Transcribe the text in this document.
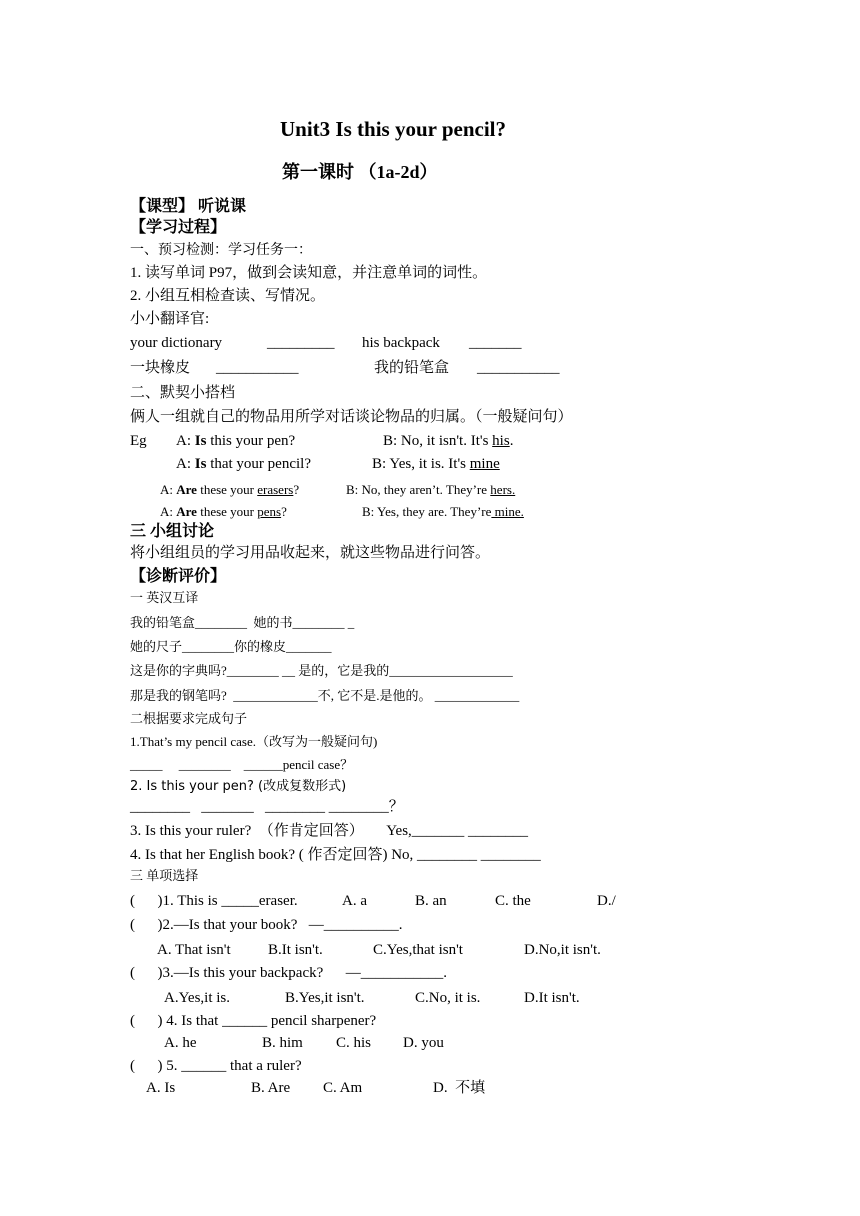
Unit3 Is this your pencil?
第一课时 （1a-2d）
【课型】 听说课
【学习过程】
一、预习检测：学习任务一：
1. 读写单词 P97，做到会读知意，并注意单词的词性。
2. 小组互相检查读、写情况。
小小翻译官:
your dictionary	_________ his backpack _______
一块橡皮 ___________	我的铅笔盒 ___________
二、默契小搭档
俩人一组就自己的物品用所学对话谈论物品的归属。（一般疑问句）
Eg A: Is this your pen?	B: No, it isn't. It's his.
A: Is that your pencil?	B: Yes, it is. It's mine
A: Are these your erasers?	B: No, they aren’t. They’re hers.
A: Are these your pens?	B: Yes, they are. They’re mine.
三 小组讨论
将小组组员的学习用品收起来，就这些物品进行问答。
【诊断评价】
一 英汉互译
我的铅笔盒________  她的书________ _
她的尺子________你的橡皮_______
这是你的字典吗?________ __ 是的，它是我的___________________
那是我的钢笔吗?  _____________不, 它不是.是他的。 _____________
二根据要求完成句子
1.That’s my pencil case.（改写为一般疑问句)
_____     ________    ______pencil case？
2. Is this your pen? (改成复数形式)
________   _______   ________ ________？
3. Is this your ruler?  （作肯定回答）      Yes,_______ ________
4. Is that her English book? ( 作否定回答) No, ________ ________
三 单项选择
(      )1. This is _____eraser.	A. a	B. an	C. the	D./
(      )2.—Is that your book?   —__________.
A. That isn't B.It isn't.	C.Yes,that isn't	D.No,it isn't.
(      )3.—Is this your backpack?      —___________.
A.Yes,it is.	B.Yes,it isn't.	C.No, it is.	D.It isn't.
(      ) 4. Is that ______ pencil sharpener?
A. he	B. him C. his D. you
(      ) 5. ______ that a ruler?
A. Is	B. Are C. Am	D.  不填
